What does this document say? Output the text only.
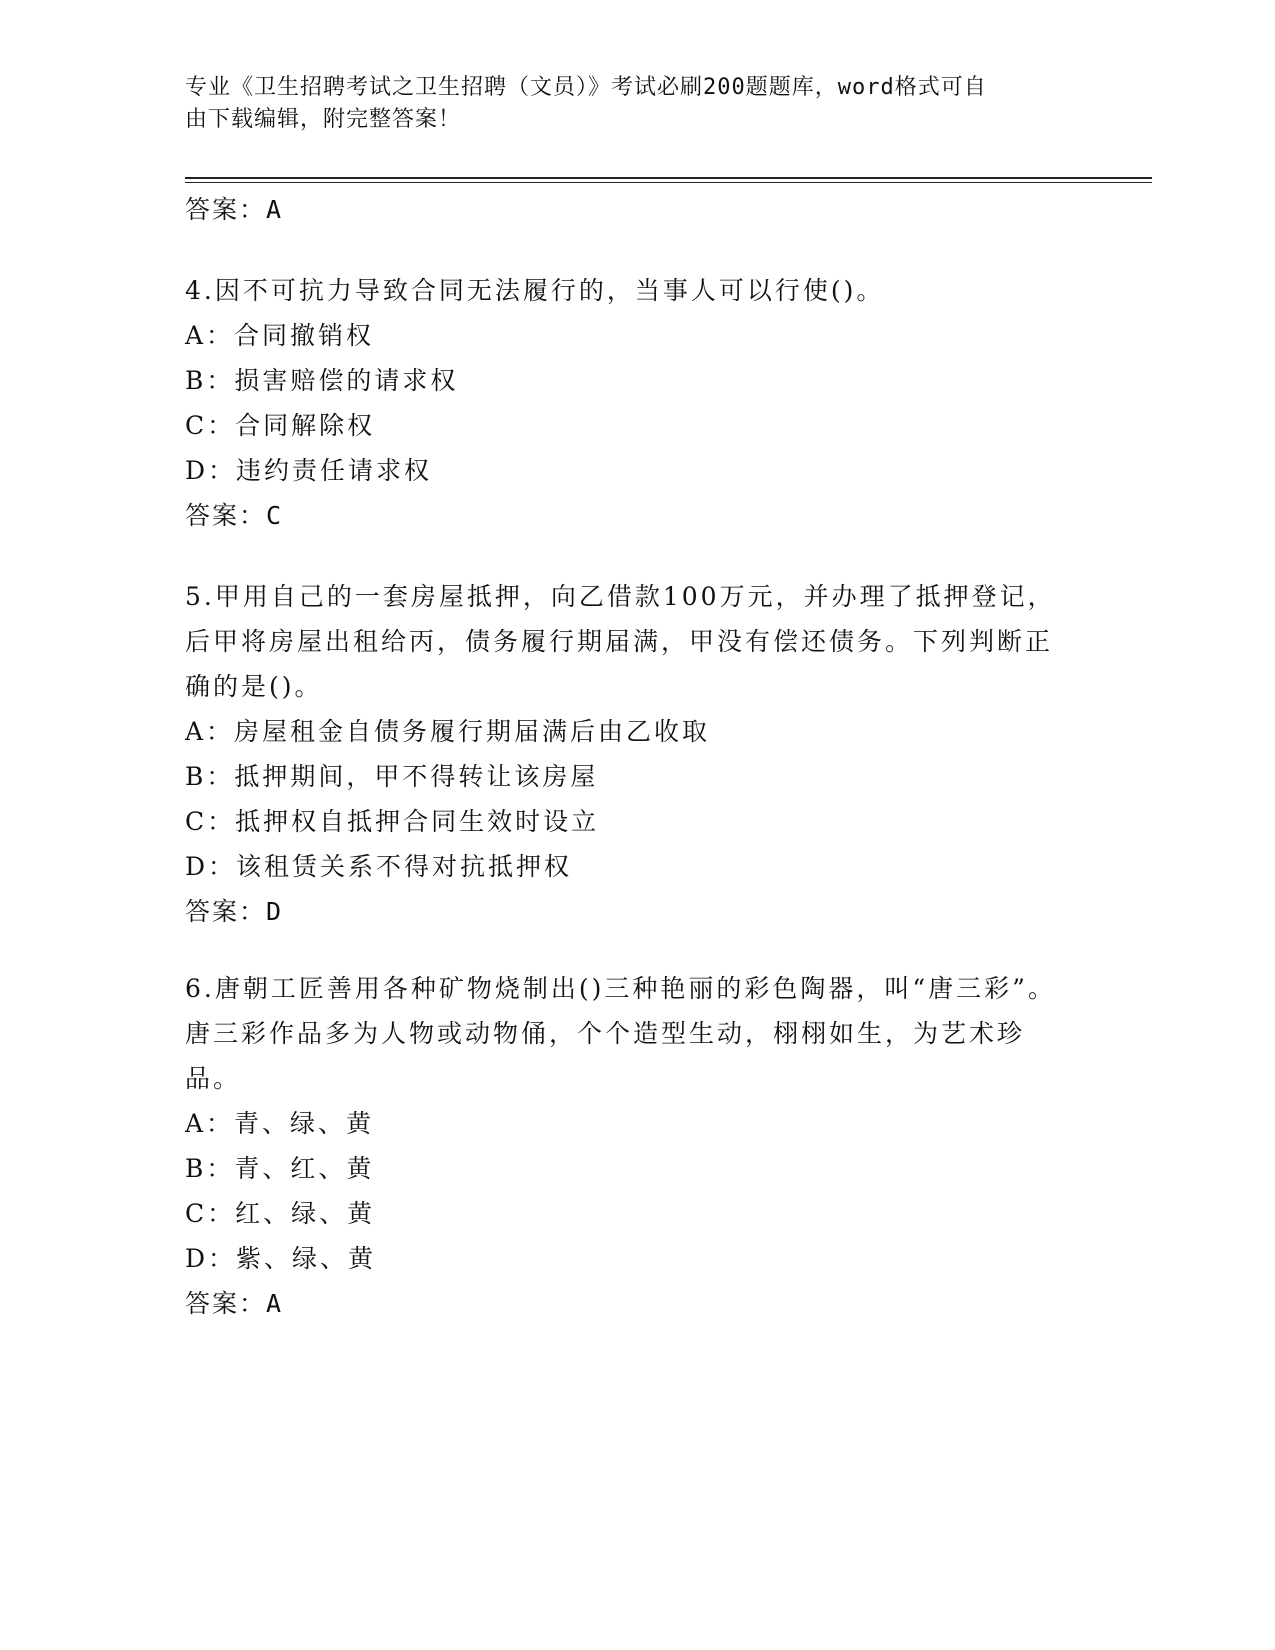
专业《卫生招聘考试之卫生招聘（文员）》考试必刷200题题库，word格式可自
由下载编辑，附完整答案！
答案：A

4.因不可抗力导致合同无法履行的，当事人可以行使()。

A：合同撤销权

B：损害赔偿的请求权

C：合同解除权

D：违约责任请求权

答案：C

5.甲用自己的一套房屋抵押，向乙借款100万元，并办理了抵押登记，后甲将房屋出租给丙，债务履行期届满，甲没有偿还债务。下列判断正确的是()。

A：房屋租金自债务履行期届满后由乙收取

B：抵押期间，甲不得转让该房屋

C：抵押权自抵押合同生效时设立

D：该租赁关系不得对抗抵押权

答案：D

6.唐朝工匠善用各种矿物烧制出()三种艳丽的彩色陶器，叫“唐三彩”。唐三彩作品多为人物或动物俑，个个造型生动，栩栩如生，为艺术珍品。

A：青、绿、黄

B：青、红、黄

C：红、绿、黄

D：紫、绿、黄

答案：A
